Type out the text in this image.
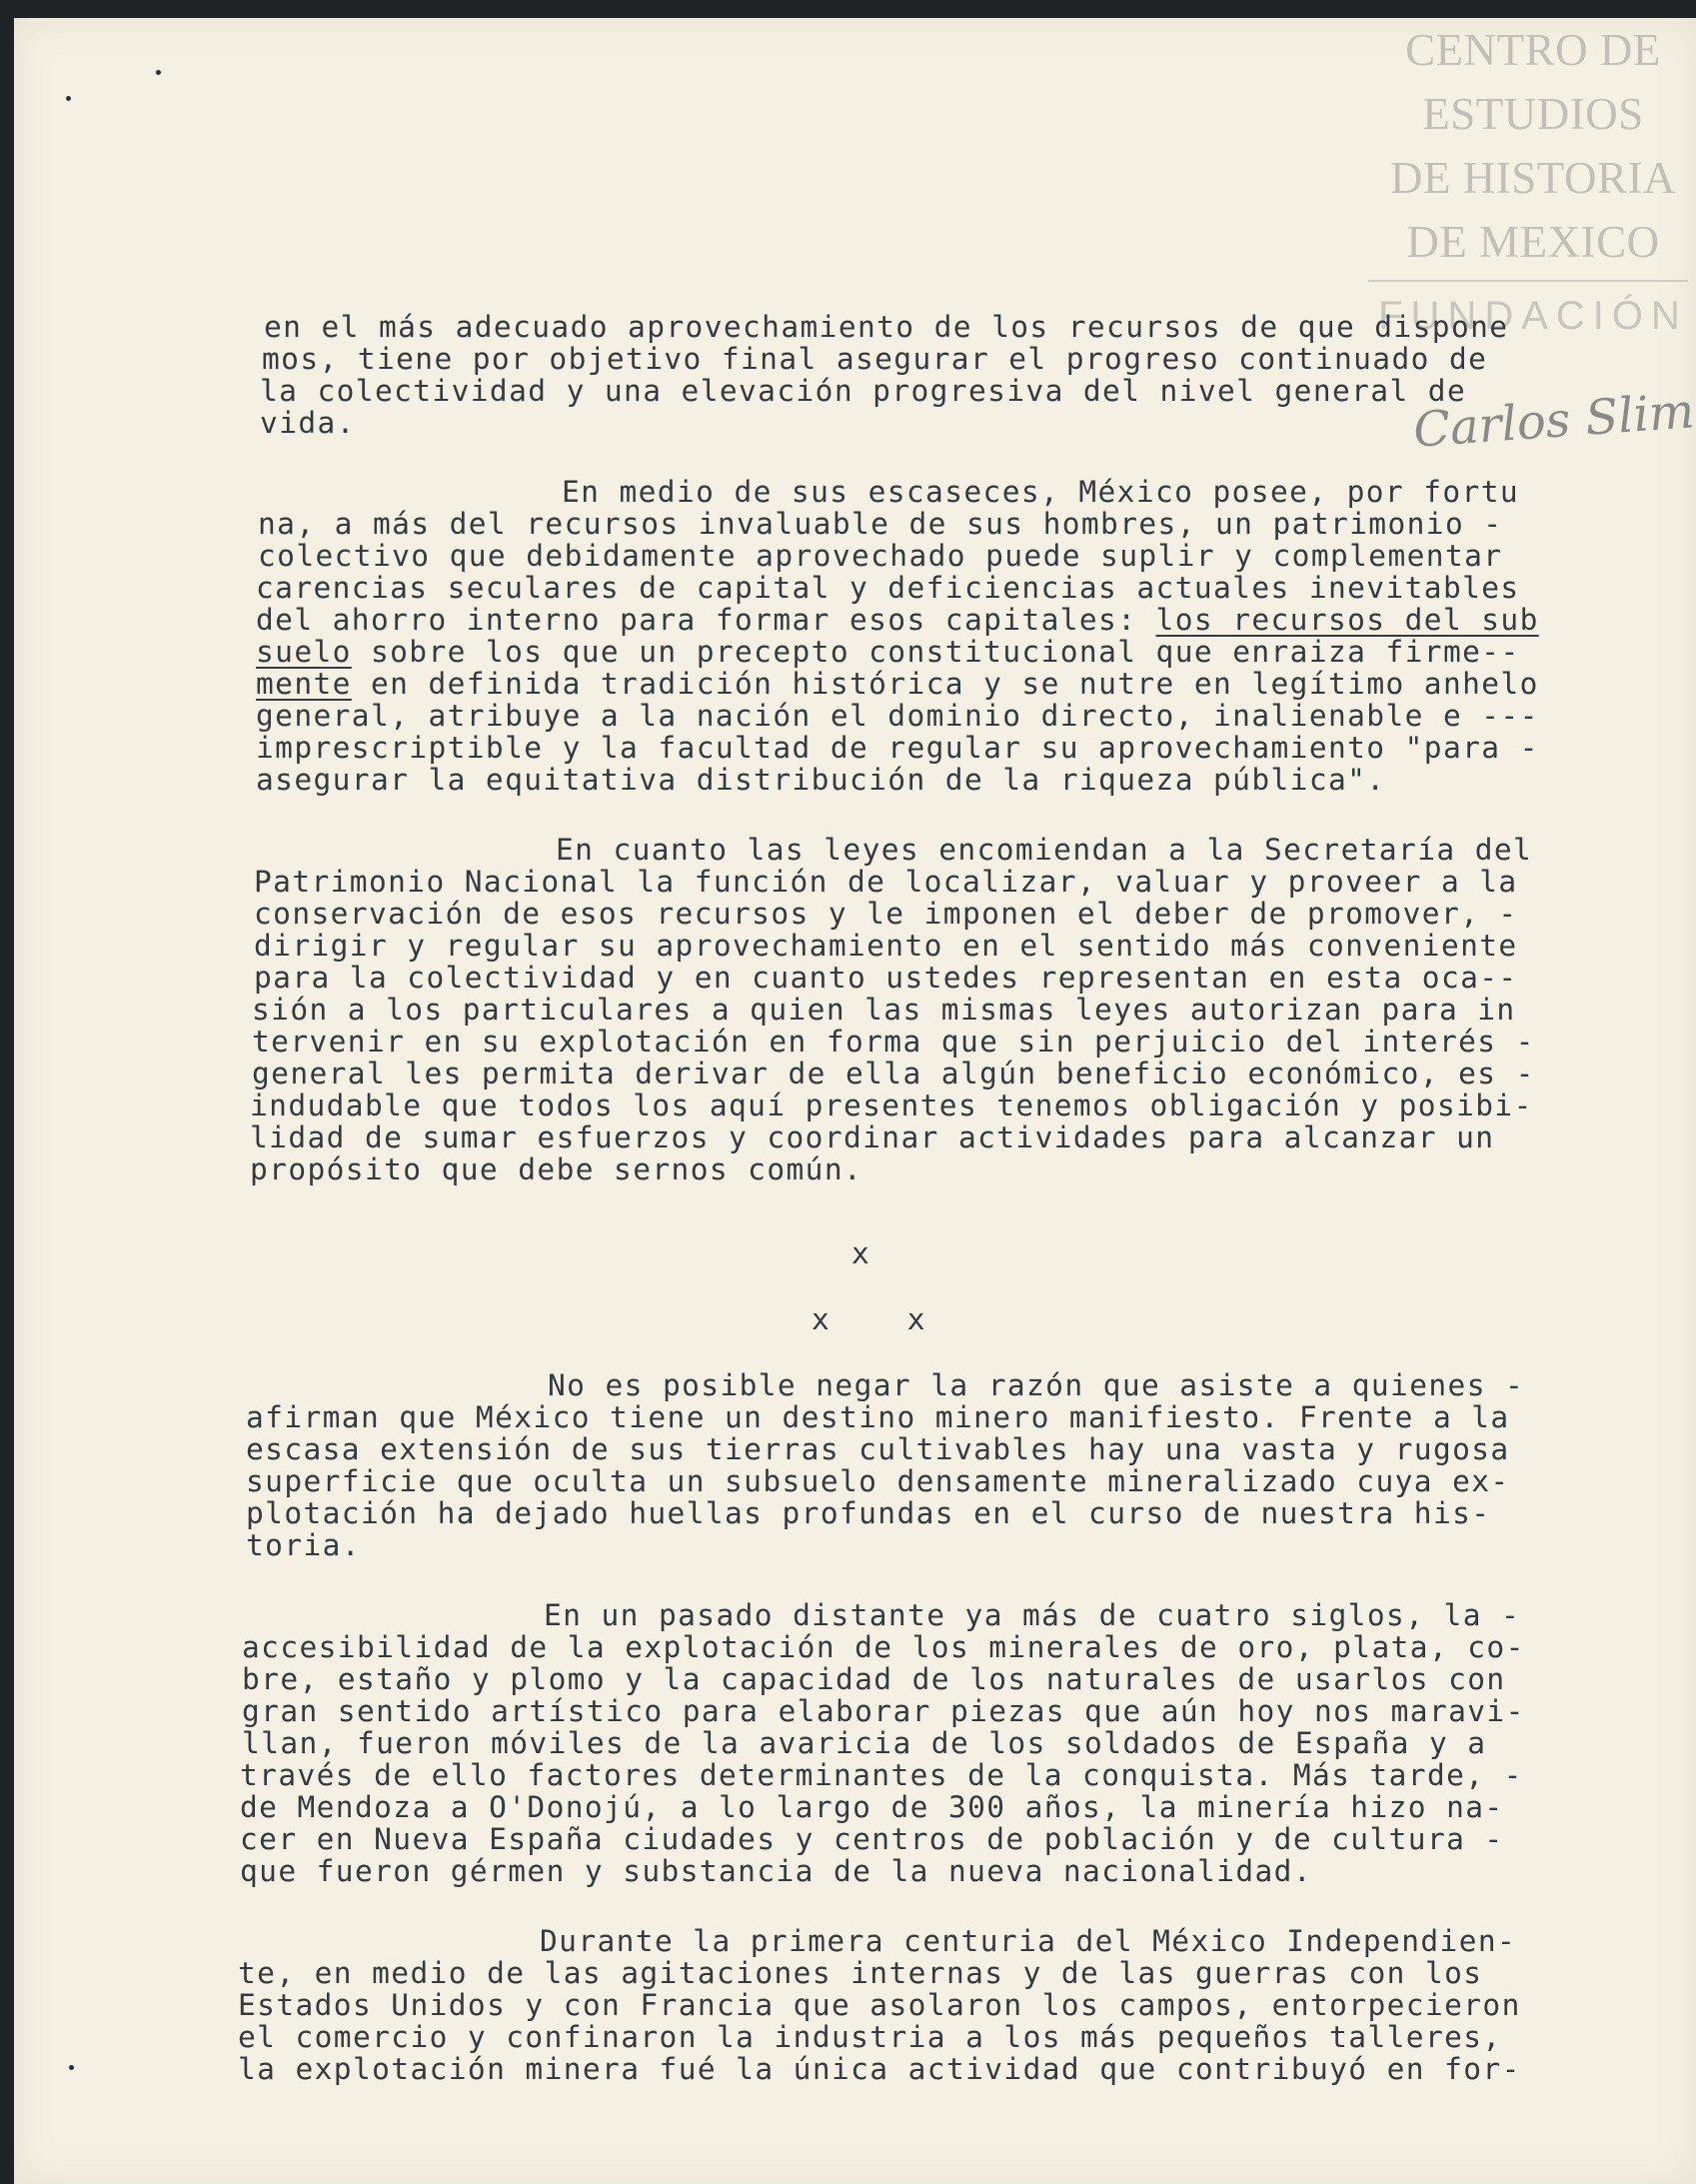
CENTRO DE
ESTUDIOS
DE HISTORIA
DE MEXICO
FUNDACIÓN
Carlos Slim
en el más adecuado aprovechamiento de los recursos de que dispone
mos, tiene por objetivo final asegurar el progreso continuado de
la colectividad y una elevación progresiva del nivel general de
vida.
En medio de sus escaseces, México posee, por fortu
na, a más del recursos invaluable de sus hombres, un patrimonio -
colectivo que debidamente aprovechado puede suplir y complementar
carencias seculares de capital y deficiencias actuales inevitables
del ahorro interno para formar esos capitales: los recursos del sub
suelo sobre los que un precepto constitucional que enraiza firme--
mente en definida tradición histórica y se nutre en legítimo anhelo
general, atribuye a la nación el dominio directo, inalienable e ---
imprescriptible y la facultad de regular su aprovechamiento "para -
asegurar la equitativa distribución de la riqueza pública".
En cuanto las leyes encomiendan a la Secretaría del
Patrimonio Nacional la función de localizar, valuar y proveer a la
conservación de esos recursos y le imponen el deber de promover, -
dirigir y regular su aprovechamiento en el sentido más conveniente
para la colectividad y en cuanto ustedes representan en esta oca--
sión a los particulares a quien las mismas leyes autorizan para in
tervenir en su explotación en forma que sin perjuicio del interés -
general les permita derivar de ella algún beneficio económico, es -
indudable que todos los aquí presentes tenemos obligación y posibi-
lidad de sumar esfuerzos y coordinar actividades para alcanzar un
propósito que debe sernos común.
x
x    x
No es posible negar la razón que asiste a quienes -
afirman que México tiene un destino minero manifiesto. Frente a la
escasa extensión de sus tierras cultivables hay una vasta y rugosa
superficie que oculta un subsuelo densamente mineralizado cuya ex-
plotación ha dejado huellas profundas en el curso de nuestra his-
toria.
En un pasado distante ya más de cuatro siglos, la -
accesibilidad de la explotación de los minerales de oro, plata, co-
bre, estaño y plomo y la capacidad de los naturales de usarlos con
gran sentido artístico para elaborar piezas que aún hoy nos maravi-
llan, fueron móviles de la avaricia de los soldados de España y a
través de ello factores determinantes de la conquista. Más tarde, -
de Mendoza a O'Donojú, a lo largo de 300 años, la minería hizo na-
cer en Nueva España ciudades y centros de población y de cultura -
que fueron gérmen y substancia de la nueva nacionalidad.
Durante la primera centuria del México Independien-
te, en medio de las agitaciones internas y de las guerras con los
Estados Unidos y con Francia que asolaron los campos, entorpecieron
el comercio y confinaron la industria a los más pequeños talleres,
la explotación minera fué la única actividad que contribuyó en for-
